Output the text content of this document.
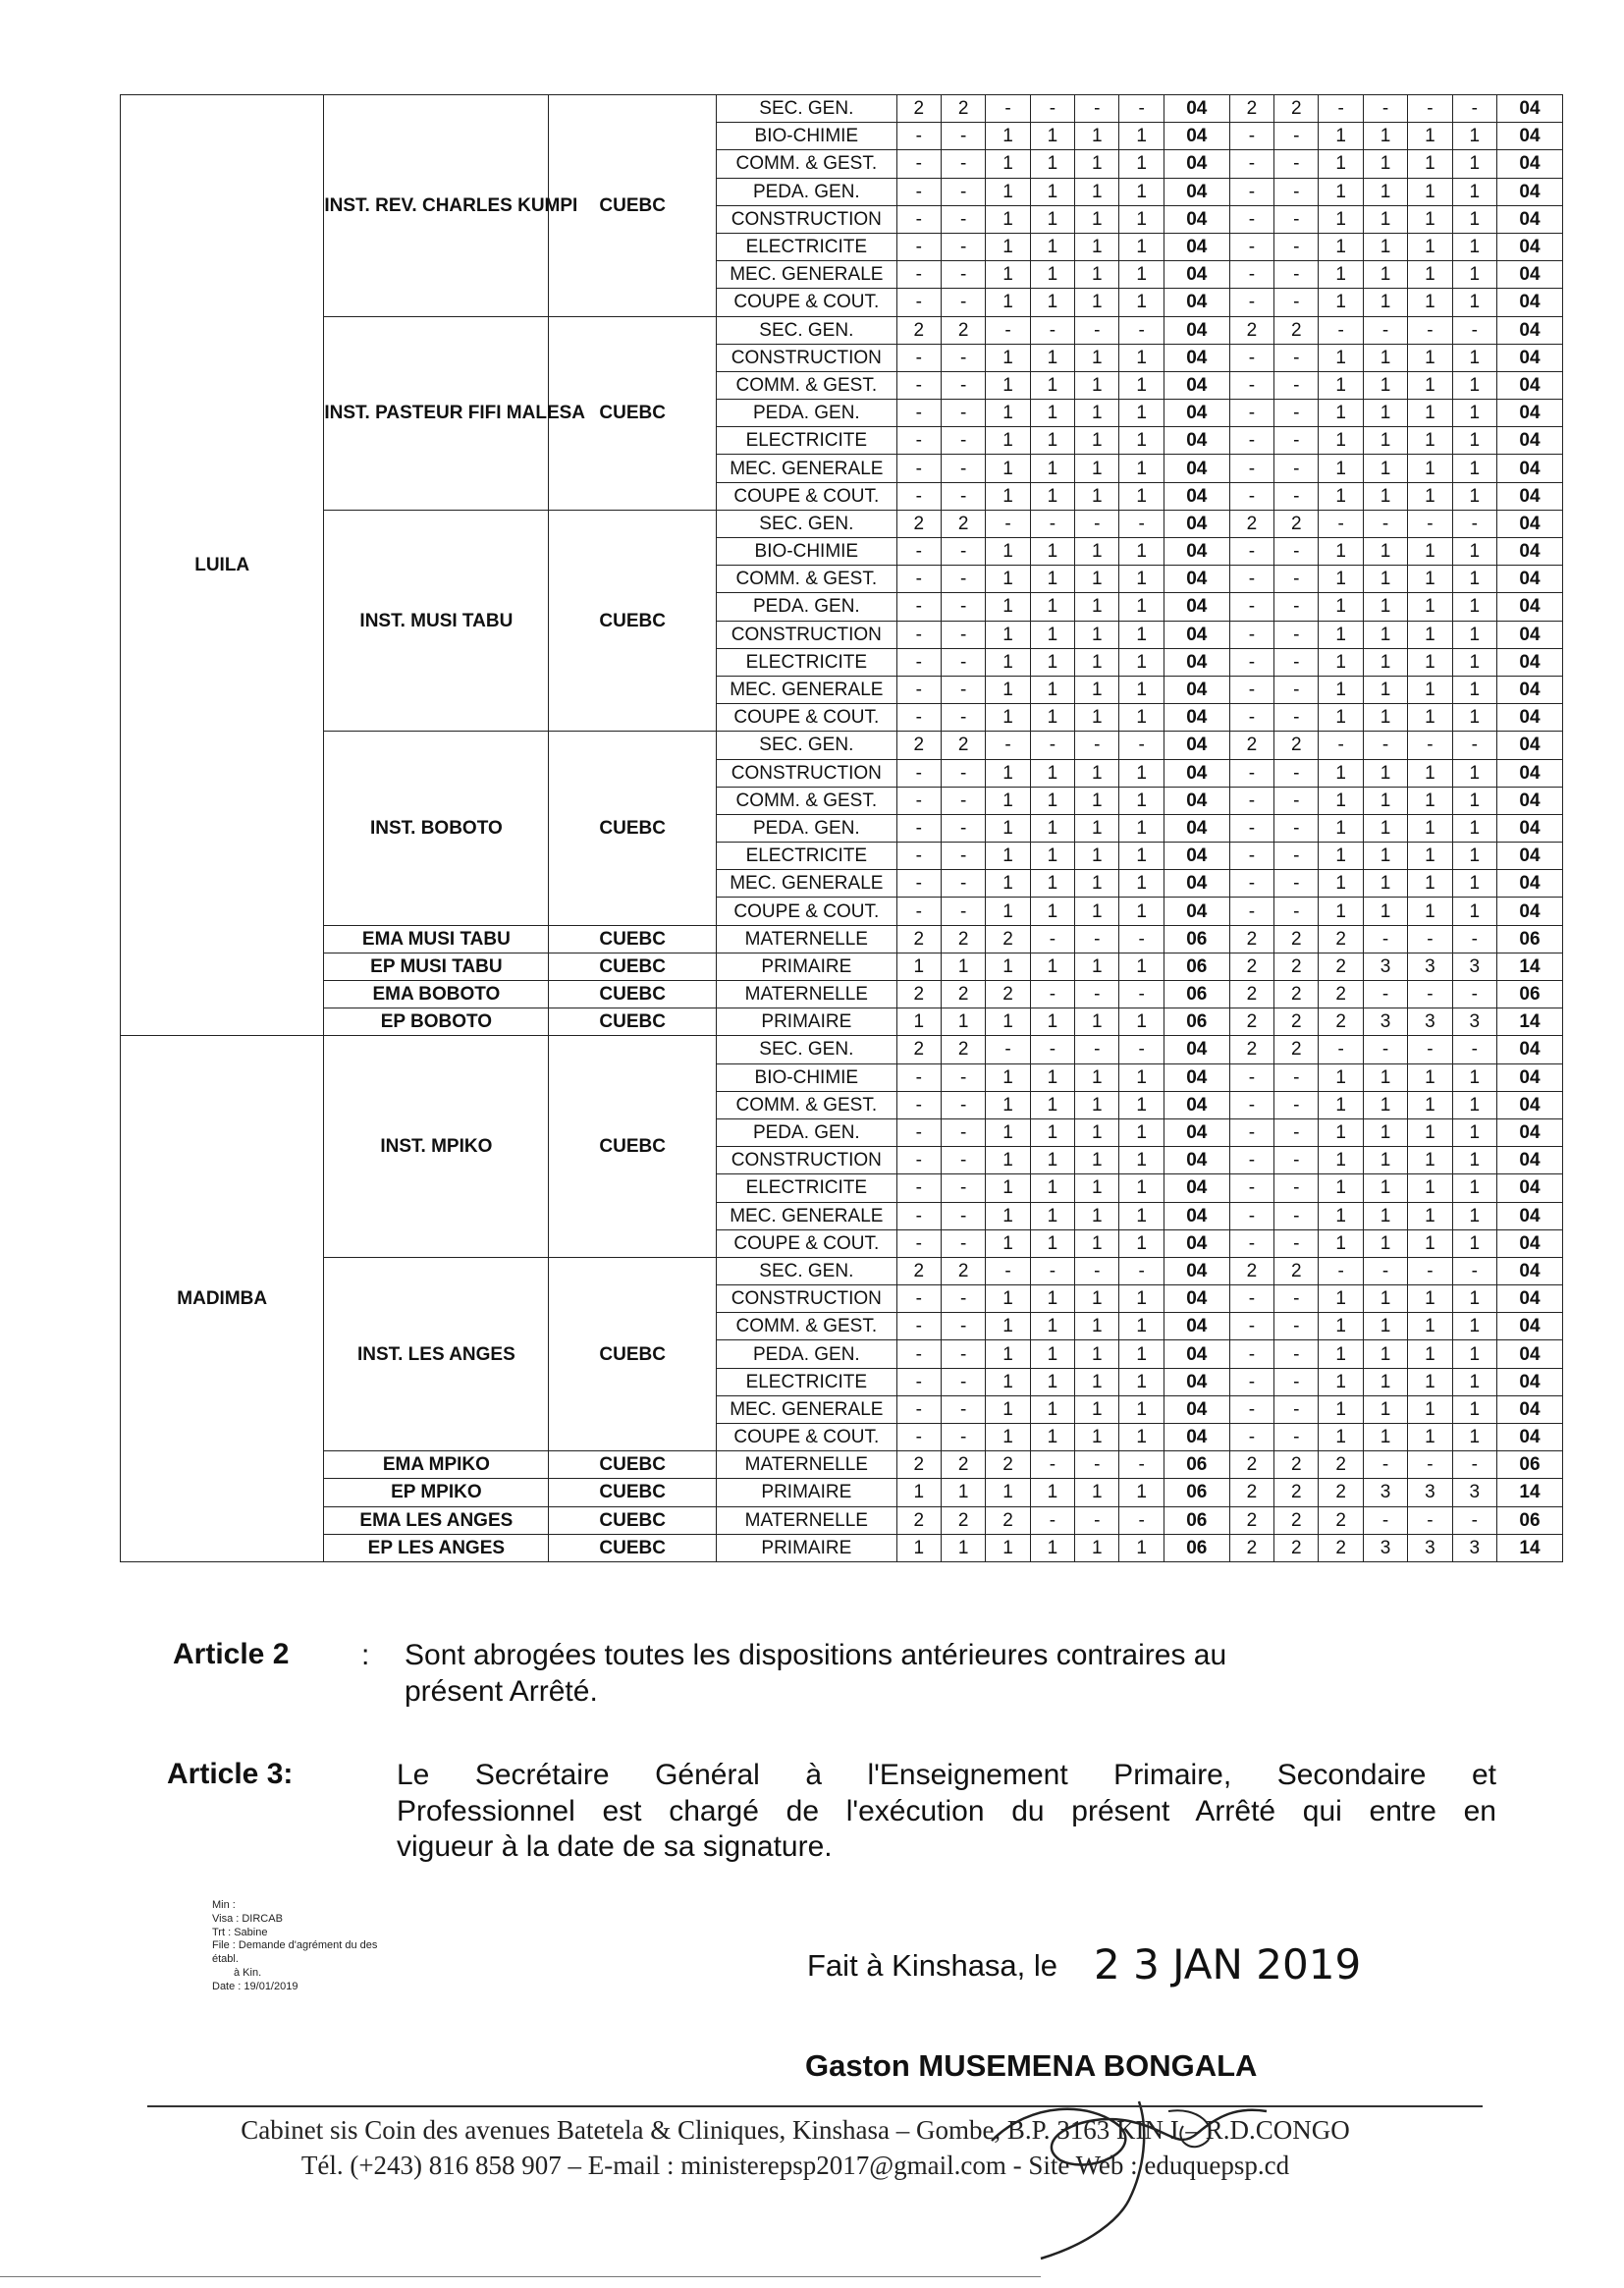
LUILA	INST. REV. CHARLES KUMPI	CUEBC	SEC. GEN.	2	2	-	-	-	-	04	2	2	-	-	-	-	04
			BIO-CHIMIE	-	-	1	1	1	1	04	-	-	1	1	1	1	04
			COMM. & GEST.	-	-	1	1	1	1	04	-	-	1	1	1	1	04
			PEDA. GEN.	-	-	1	1	1	1	04	-	-	1	1	1	1	04
			CONSTRUCTION	-	-	1	1	1	1	04	-	-	1	1	1	1	04
			ELECTRICITE	-	-	1	1	1	1	04	-	-	1	1	1	1	04
			MEC. GENERALE	-	-	1	1	1	1	04	-	-	1	1	1	1	04
			COUPE & COUT.	-	-	1	1	1	1	04	-	-	1	1	1	1	04
	INST. PASTEUR FIFI MALESA	CUEBC	SEC. GEN.	2	2	-	-	-	-	04	2	2	-	-	-	-	04
			CONSTRUCTION	-	-	1	1	1	1	04	-	-	1	1	1	1	04
			COMM. & GEST.	-	-	1	1	1	1	04	-	-	1	1	1	1	04
			PEDA. GEN.	-	-	1	1	1	1	04	-	-	1	1	1	1	04
			ELECTRICITE	-	-	1	1	1	1	04	-	-	1	1	1	1	04
			MEC. GENERALE	-	-	1	1	1	1	04	-	-	1	1	1	1	04
			COUPE & COUT.	-	-	1	1	1	1	04	-	-	1	1	1	1	04
	INST. MUSI TABU	CUEBC	SEC. GEN.	2	2	-	-	-	-	04	2	2	-	-	-	-	04
			BIO-CHIMIE	-	-	1	1	1	1	04	-	-	1	1	1	1	04
			COMM. & GEST.	-	-	1	1	1	1	04	-	-	1	1	1	1	04
			PEDA. GEN.	-	-	1	1	1	1	04	-	-	1	1	1	1	04
			CONSTRUCTION	-	-	1	1	1	1	04	-	-	1	1	1	1	04
			ELECTRICITE	-	-	1	1	1	1	04	-	-	1	1	1	1	04
			MEC. GENERALE	-	-	1	1	1	1	04	-	-	1	1	1	1	04
			COUPE & COUT.	-	-	1	1	1	1	04	-	-	1	1	1	1	04
	INST. BOBOTO	CUEBC	SEC. GEN.	2	2	-	-	-	-	04	2	2	-	-	-	-	04
			CONSTRUCTION	-	-	1	1	1	1	04	-	-	1	1	1	1	04
			COMM. & GEST.	-	-	1	1	1	1	04	-	-	1	1	1	1	04
			PEDA. GEN.	-	-	1	1	1	1	04	-	-	1	1	1	1	04
			ELECTRICITE	-	-	1	1	1	1	04	-	-	1	1	1	1	04
			MEC. GENERALE	-	-	1	1	1	1	04	-	-	1	1	1	1	04
			COUPE & COUT.	-	-	1	1	1	1	04	-	-	1	1	1	1	04
	EMA MUSI TABU	CUEBC	MATERNELLE	2	2	2	-	-	-	06	2	2	2	-	-	-	06
	EP MUSI TABU	CUEBC	PRIMAIRE	1	1	1	1	1	1	06	2	2	2	3	3	3	14
	EMA BOBOTO	CUEBC	MATERNELLE	2	2	2	-	-	-	06	2	2	2	-	-	-	06
	EP BOBOTO	CUEBC	PRIMAIRE	1	1	1	1	1	1	06	2	2	2	3	3	3	14
MADIMBA	INST. MPIKO	CUEBC	SEC. GEN.	2	2	-	-	-	-	04	2	2	-	-	-	-	04
			BIO-CHIMIE	-	-	1	1	1	1	04	-	-	1	1	1	1	04
			COMM. & GEST.	-	-	1	1	1	1	04	-	-	1	1	1	1	04
			PEDA. GEN.	-	-	1	1	1	1	04	-	-	1	1	1	1	04
			CONSTRUCTION	-	-	1	1	1	1	04	-	-	1	1	1	1	04
			ELECTRICITE	-	-	1	1	1	1	04	-	-	1	1	1	1	04
			MEC. GENERALE	-	-	1	1	1	1	04	-	-	1	1	1	1	04
			COUPE & COUT.	-	-	1	1	1	1	04	-	-	1	1	1	1	04
	INST. LES ANGES	CUEBC	SEC. GEN.	2	2	-	-	-	-	04	2	2	-	-	-	-	04
			CONSTRUCTION	-	-	1	1	1	1	04	-	-	1	1	1	1	04
			COMM. & GEST.	-	-	1	1	1	1	04	-	-	1	1	1	1	04
			PEDA. GEN.	-	-	1	1	1	1	04	-	-	1	1	1	1	04
			ELECTRICITE	-	-	1	1	1	1	04	-	-	1	1	1	1	04
			MEC. GENERALE	-	-	1	1	1	1	04	-	-	1	1	1	1	04
			COUPE & COUT.	-	-	1	1	1	1	04	-	-	1	1	1	1	04
	EMA MPIKO	CUEBC	MATERNELLE	2	2	2	-	-	-	06	2	2	2	-	-	-	06
	EP MPIKO	CUEBC	PRIMAIRE	1	1	1	1	1	1	06	2	2	2	3	3	3	14
	EMA LES ANGES	CUEBC	MATERNELLE	2	2	2	-	-	-	06	2	2	2	-	-	-	06
	EP LES ANGES	CUEBC	PRIMAIRE	1	1	1	1	1	1	06	2	2	2	3	3	3	14
Article 2 : Sont abrogées toutes les dispositions antérieures contraires au
présent Arrêté.
Article 3:	Le Secrétaire Général à l'Enseignement Primaire, Secondaire et
Professionnel est chargé de l'exécution du présent Arrêté qui entre en
vigueur à la date de sa signature.
Min :
Visa : DIRCAB
Trt : Sabine
File : Demande d'agrément du des
établ.
à Kin.
Date : 19/01/2019
Fait à Kinshasa, le 2 3 JAN 2019
Gaston MUSEMENA BONGALA
Cabinet sis Coin des avenues Batetela & Cliniques, Kinshasa – Gombe, B.P. 3163 KIN I – R.D.CONGO
Tél. (+243) 816 858 907 – E-mail : ministerepsp2017@gmail.com - Site Web : eduquepsp.cd
